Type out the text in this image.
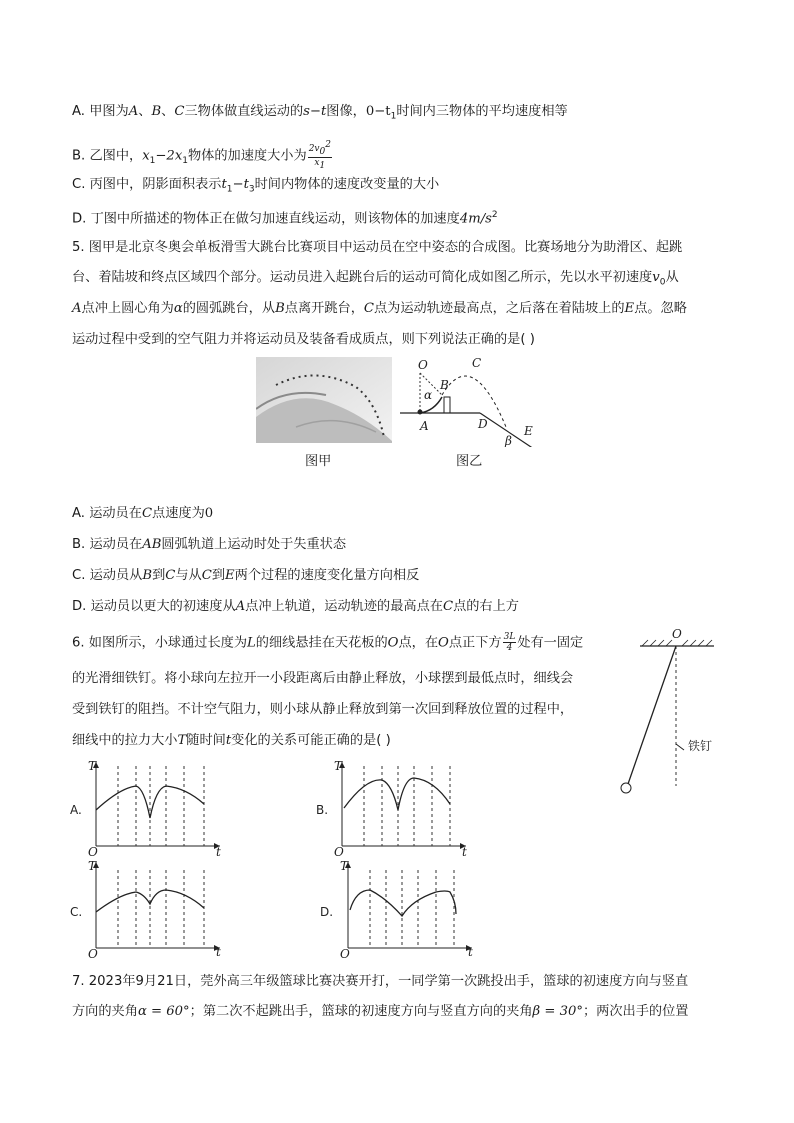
A. 甲图为A、B、C三物体做直线运动的s−t图像，$0-t_1$时间内三物体的平均速度相等
B. 乙图中，$x_1-2x_1$物体的加速度大小为 $\frac{2v_0^2}{x_1}$
C. 丙图中，阴影面积表示$t_1-t_3$时间内物体的速度改变量的大小
D. 丁图中所描述的物体正在做匀加速直线运动，则该物体的加速度$4m/s^2$
5. 图甲是北京冬奥会单板滑雪大跳台比赛项目中运动员在空中姿态的合成图。比赛场地分为助滑区、起跳
台、着陆坡和终点区域四个部分。运动员进入起跳台后的运动可简化成如图乙所示，先以水平初速度$v_0$从
A点冲上圆心角为α的圆弧跳台，从B点离开跳台，C点为运动轨迹最高点，之后落在着陆坡上的E点。忽略
运动过程中受到的空气阻力并将运动员及装备看成质点，则下列说法正确的是( )
图甲
O	C
B
α
A	D
β
E
图乙
A. 运动员在C点速度为0
B. 运动员在AB圆弧轨道上运动时处于失重状态
C. 运动员从B到C与从C到E两个过程的速度变化量方向相反
D. 运动员以更大的初速度从A点冲上轨道，运动轨迹的最高点在C点的右上方
6. 如图所示，小球通过长度为L的细线悬挂在天花板的O点，在O点正下方 $\frac{3L}{4}$ 处有一固定
的光滑细铁钉。将小球向左拉开一小段距离后由静止释放，小球摆到最低点时，细线会
受到铁钉的阻挡。不计空气阻力，则小球从静止释放到第一次回到释放位置的过程中，
细线中的拉力大小T随时间t变化的关系可能正确的是( )
O
铁钉
A.
T
O	t
B.
T
O	t
C.
T
O	t
D.
T
O	t
7. 2023年9月21日，莞外高三年级篮球比赛决赛开打，一同学第一次跳投出手，篮球的初速度方向与竖直
方向的夹角α = 60°；第二次不起跳出手，篮球的初速度方向与竖直方向的夹角β = 30°；两次出手的位置
